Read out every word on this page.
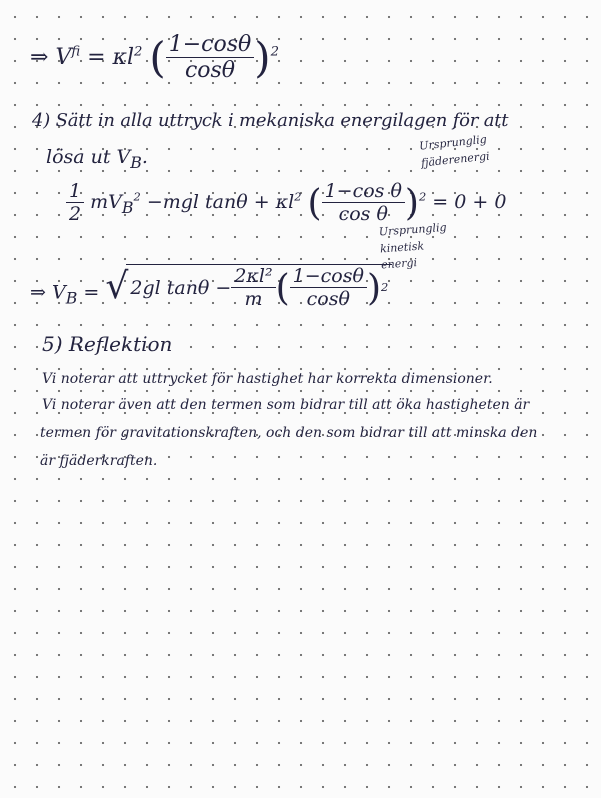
⇒ $V^{fi} = \kappa l^2$ ( $\frac{1-\cos\theta}{\cos\theta} )^2$
4) Sätt in alla uttryck i mekaniska energilagen för att
lösa ut $V_B$.
Ursprunglig fjäderenergi
$\frac{1}{2} mV_B^2 -mgl$ $\tan\theta + \kappa l^2$ ( $\frac{\text{1−cos θ}}{\text{cos θ}} )^2 = 0 + 0$
Ursprunglig kinetisk energi
⇒ $V_B$ = √ 2gl $\tan\theta - \frac{\text{2κl²}}{m}$ ( $\frac{1-\cos\theta}{\cos\theta}$ ) 2
5) Reflektion
Vi noterar att uttrycket för hastighet har korrekta dimensioner.
Vi noterar även att den termen som bidrar till att öka hastigheten är
termen för gravitationskraften, och den som bidrar till att minska den
är fjäderkraften.
